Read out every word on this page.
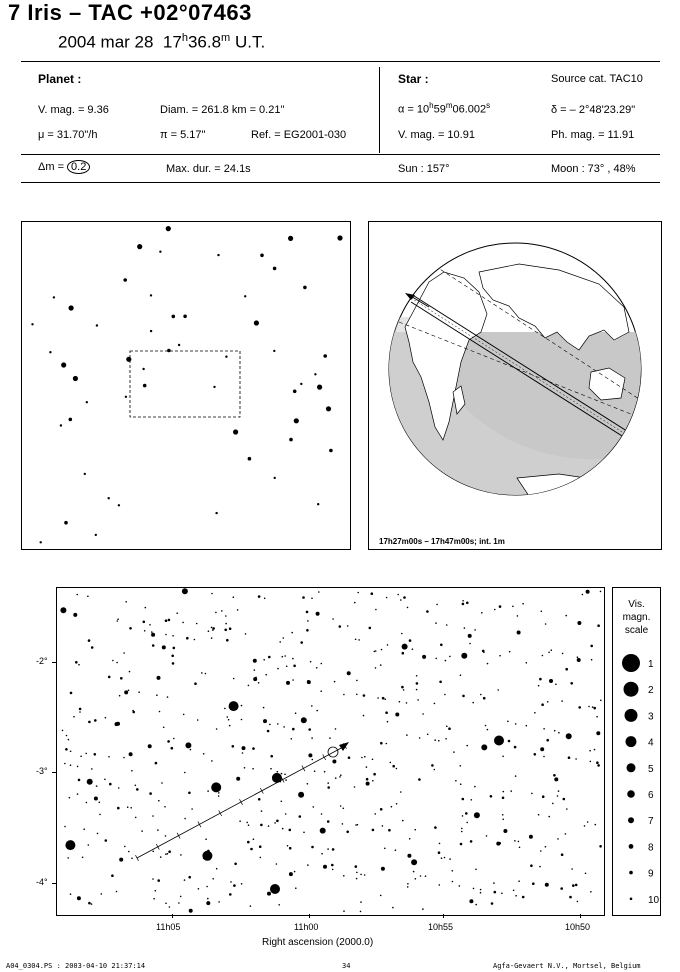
7 Iris – TAC +02°07463
2004 mar 28 17$^h$36.8$^m$ U.T.
Planet :
V. mag. = 9.36	Diam. = 261.8 km = 0.21"
μ = 31.70"/h	π = 5.17"	Ref. = EG2001-030
Star :	Source cat. TAC10
$\alpha = 10^h59^m06.002^s$	δ = – 2°48'23.29"
V. mag. = 10.91	Ph. mag. = 11.91
Δm = 0.2	Max. dur. = 24.1s	Sun : 157°	Moon : 73° , 48%
17h27m00s – 17h47m00s; int. 1m
-2°
-3°
-4°
11h05	11h00	10h55	10h50
Right ascension (2000.0)
Vis.
magn.
scale
1
2
3
4
5
6
7
8
9
10
A04_0304.PS : 2003-04-10 21:37:14	34	Agfa-Gevaert N.V., Mortsel, Belgium
